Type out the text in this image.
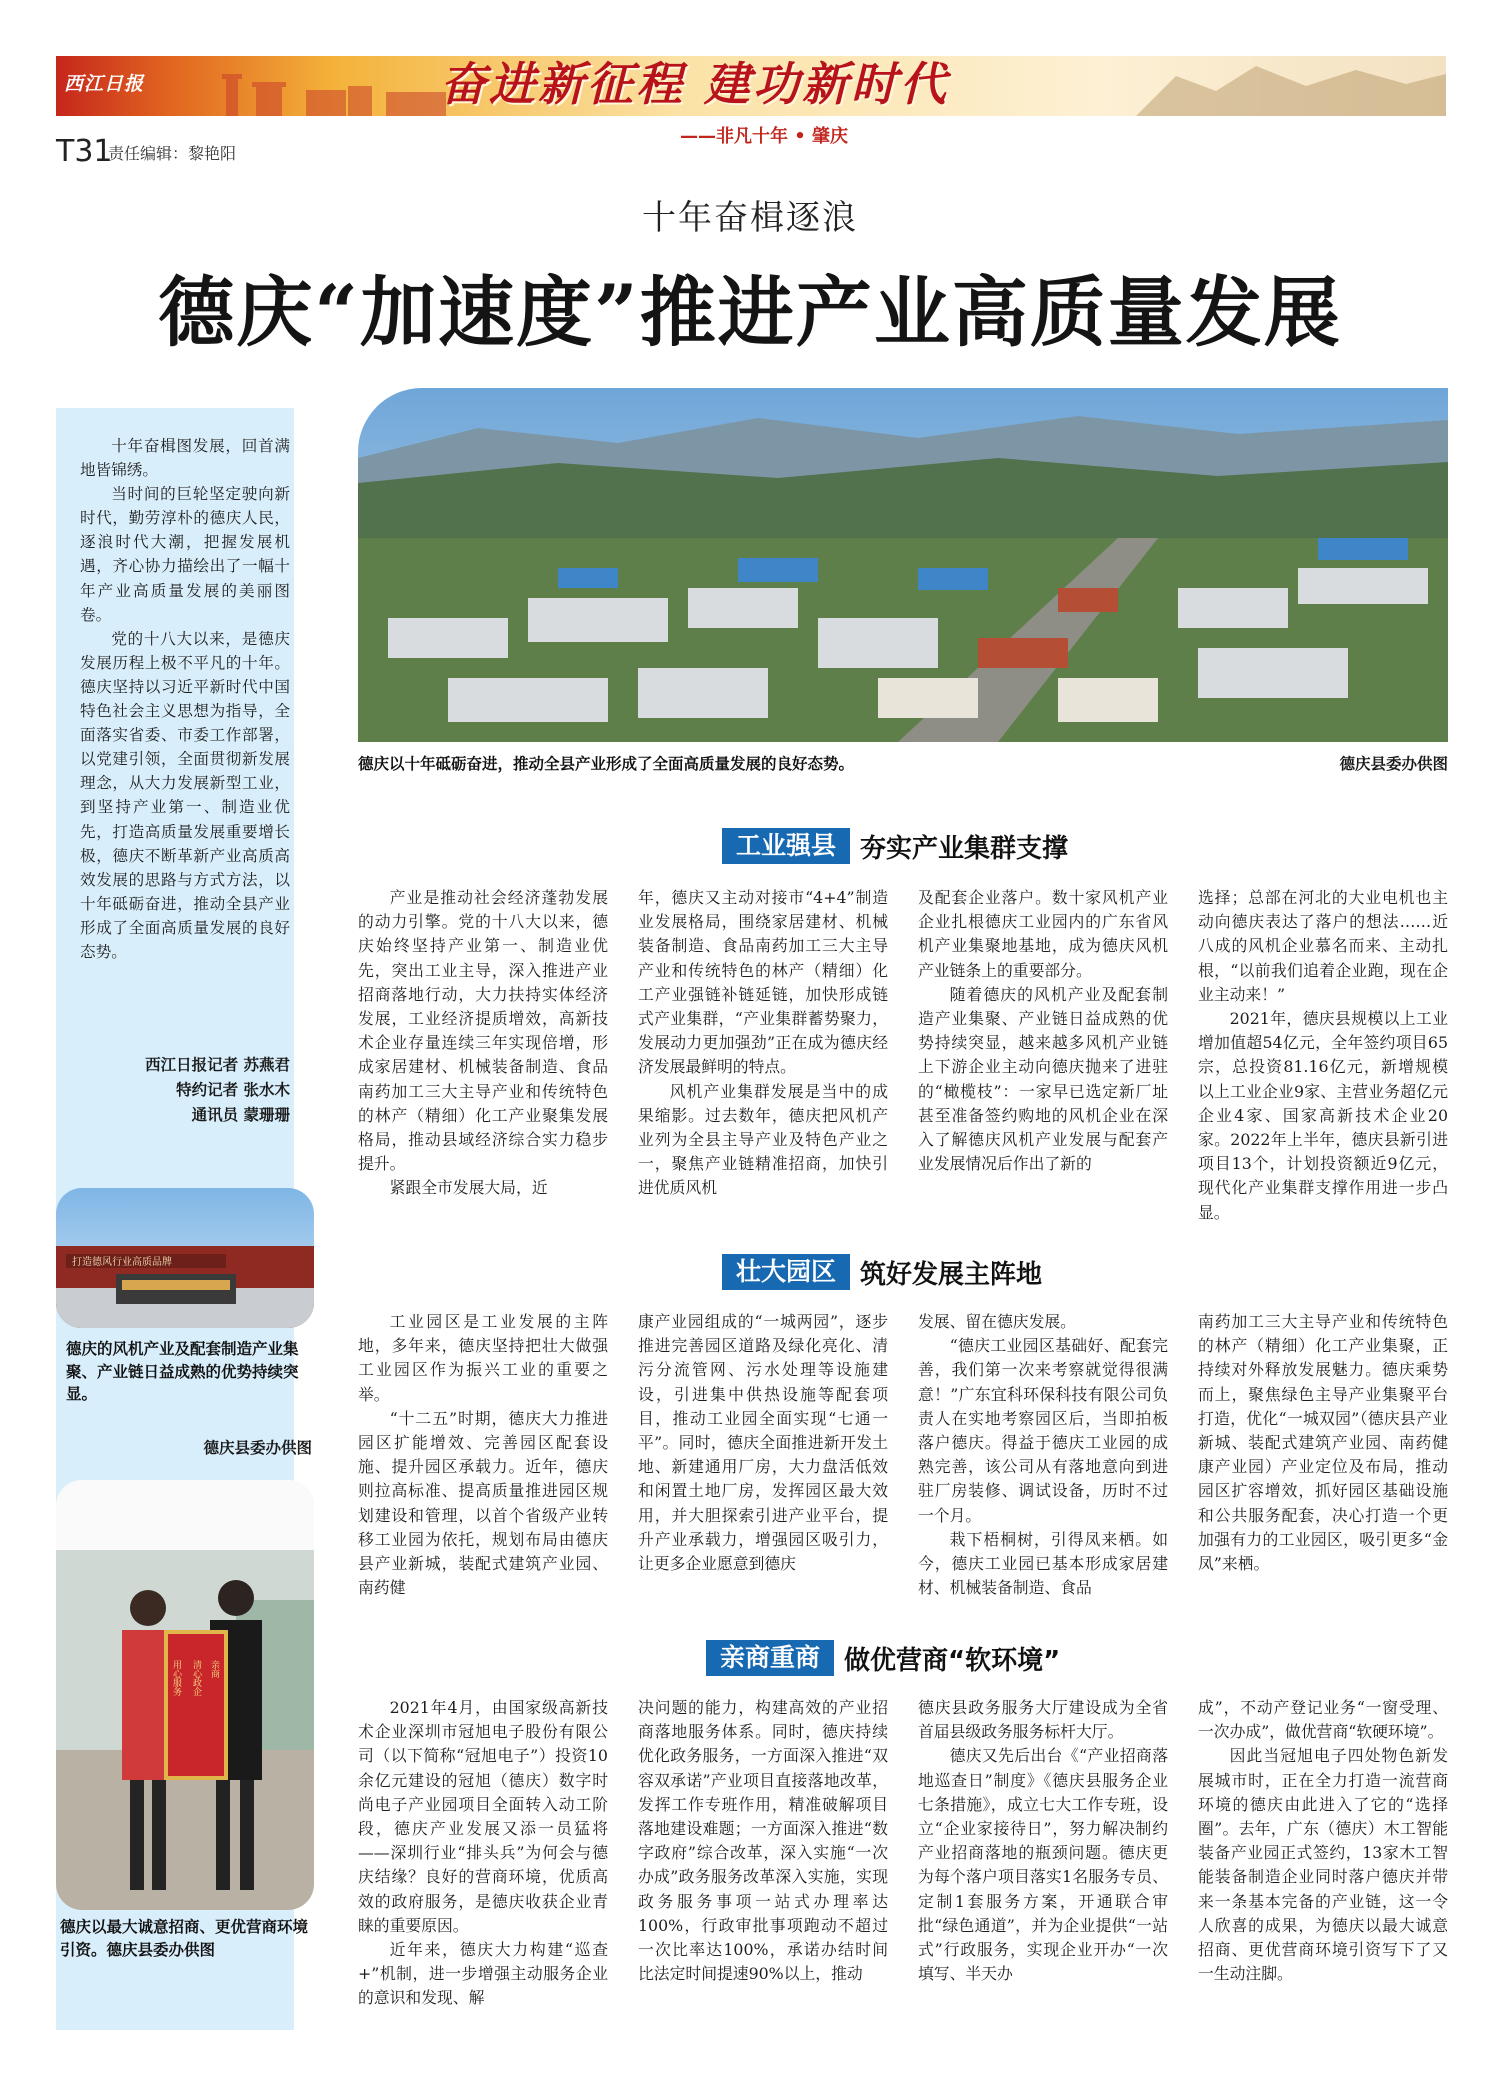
西江日报	奋进新征程 建功新时代
——非凡十年 • 肇庆
T31
责任编辑：黎艳阳
十年奋楫逐浪
德庆“加速度”推进产业高质量发展

十年奋楫图发展，回首满地皆锦绣。

当时间的巨轮坚定驶向新时代，勤劳淳朴的德庆人民，逐浪时代大潮，把握发展机遇，齐心协力描绘出了一幅十年产业高质量发展的美丽图卷。

党的十八大以来，是德庆发展历程上极不平凡的十年。德庆坚持以习近平新时代中国特色社会主义思想为指导，全面落实省委、市委工作部署，以党建引领，全面贯彻新发展理念，从大力发展新型工业，到坚持产业第一、制造业优先，打造高质量发展重要增长极，德庆不断革新产业高质高效发展的思路与方式方法，以十年砥砺奋进，推动全县产业形成了全面高质量发展的良好态势。

西江日报记者 苏燕君
特约记者 张水木
通讯员 蒙珊珊
打造德风行业高质品牌
德庆的风机产业及配套制造产业集聚、产业链日益成熟的优势持续突显。
德庆县委办供图
用心服务 清心政企 亲商
德庆以最大诚意招商、更优营商环境引资。德庆县委办供图
德庆以十年砥砺奋进，推动全县产业形成了全面高质量发展的良好态势。	德庆县委办供图
工业强县 夯实产业集群支撑

产业是推动社会经济蓬勃发展的动力引擎。党的十八大以来，德庆始终坚持产业第一、制造业优先，突出工业主导，深入推进产业招商落地行动，大力扶持实体经济发展，工业经济提质增效，高新技术企业存量连续三年实现倍增，形成家居建材、机械装备制造、食品南药加工三大主导产业和传统特色的林产（精细）化工产业聚集发展格局，推动县域经济综合实力稳步提升。

紧跟全市发展大局，近

年，德庆又主动对接市“4+4”制造业发展格局，围绕家居建材、机械装备制造、食品南药加工三大主导产业和传统特色的林产（精细）化工产业强链补链延链，加快形成链式产业集群，“产业集群蓄势聚力，发展动力更加强劲”正在成为德庆经济发展最鲜明的特点。

风机产业集群发展是当中的成果缩影。过去数年，德庆把风机产业列为全县主导产业及特色产业之一，聚焦产业链精准招商，加快引进优质风机

及配套企业落户。数十家风机产业企业扎根德庆工业园内的广东省风机产业集聚地基地，成为德庆风机产业链条上的重要部分。

随着德庆的风机产业及配套制造产业集聚、产业链日益成熟的优势持续突显，越来越多风机产业链上下游企业主动向德庆抛来了进驻的“橄榄枝”：一家早已选定新厂址甚至准备签约购地的风机企业在深入了解德庆风机产业发展与配套产业发展情况后作出了新的

选择；总部在河北的大业电机也主动向德庆表达了落户的想法……近八成的风机企业慕名而来、主动扎根，“以前我们追着企业跑，现在企业主动来！”

2021年，德庆县规模以上工业增加值超54亿元，全年签约项目65宗，总投资81.16亿元，新增规模以上工业企业9家、主营业务超亿元企业4家、国家高新技术企业20家。2022年上半年，德庆县新引进项目13个，计划投资额近9亿元，现代化产业集群支撑作用进一步凸显。

壮大园区 筑好发展主阵地

工业园区是工业发展的主阵地，多年来，德庆坚持把壮大做强工业园区作为振兴工业的重要之举。

“十二五”时期，德庆大力推进园区扩能增效、完善园区配套设施、提升园区承载力。近年，德庆则拉高标准、提高质量推进园区规划建设和管理，以首个省级产业转移工业园为依托，规划布局由德庆县产业新城，装配式建筑产业园、南药健

康产业园组成的“一城两园”，逐步推进完善园区道路及绿化亮化、清污分流管网、污水处理等设施建设，引进集中供热设施等配套项目，推动工业园全面实现“七通一平”。同时，德庆全面推进新开发土地、新建通用厂房，大力盘活低效和闲置土地厂房，发挥园区最大效用，并大胆探索引进产业平台，提升产业承载力，增强园区吸引力，让更多企业愿意到德庆

发展、留在德庆发展。

“德庆工业园区基础好、配套完善，我们第一次来考察就觉得很满意！”广东宜科环保科技有限公司负责人在实地考察园区后，当即拍板落户德庆。得益于德庆工业园的成熟完善，该公司从有落地意向到进驻厂房装修、调试设备，历时不过一个月。

栽下梧桐树，引得凤来栖。如今，德庆工业园已基本形成家居建材、机械装备制造、食品

南药加工三大主导产业和传统特色的林产（精细）化工产业集聚，正持续对外释放发展魅力。德庆乘势而上，聚焦绿色主导产业集聚平台打造，优化“一城双园”（德庆县产业新城、装配式建筑产业园、南药健康产业园）产业定位及布局，推动园区扩容增效，抓好园区基础设施和公共服务配套，决心打造一个更加强有力的工业园区，吸引更多“金凤”来栖。

亲商重商 做优营商“软环境”

2021年4月，由国家级高新技术企业深圳市冠旭电子股份有限公司（以下简称“冠旭电子”）投资10余亿元建设的冠旭（德庆）数字时尚电子产业园项目全面转入动工阶段，德庆产业发展又添一员猛将——深圳行业“排头兵”为何会与德庆结缘？良好的营商环境，优质高效的政府服务，是德庆收获企业青睐的重要原因。

近年来，德庆大力构建“巡查+”机制，进一步增强主动服务企业的意识和发现、解

决问题的能力，构建高效的产业招商落地服务体系。同时，德庆持续优化政务服务，一方面深入推进“双容双承诺”产业项目直接落地改革，发挥工作专班作用，精准破解项目落地建设难题；一方面深入推进“数字政府”综合改革，深入实施“一次办成”政务服务改革深入实施，实现政务服务事项一站式办理率达100%，行政审批事项跑动不超过一次比率达100%，承诺办结时间比法定时间提速90%以上，推动

德庆县政务服务大厅建设成为全省首届县级政务服务标杆大厅。

德庆又先后出台《“产业招商落地巡查日”制度》《德庆县服务企业七条措施》，成立七大工作专班，设立“企业家接待日”，努力解决制约产业招商落地的瓶颈问题。德庆更为每个落户项目落实1名服务专员、定制1套服务方案，开通联合审批“绿色通道”，并为企业提供“一站式”行政服务，实现企业开办“一次填写、半天办

成”，不动产登记业务“一窗受理、一次办成”，做优营商“软硬环境”。

因此当冠旭电子四处物色新发展城市时，正在全力打造一流营商环境的德庆由此进入了它的“选择圈”。去年，广东（德庆）木工智能装备产业园正式签约，13家木工智能装备制造企业同时落户德庆并带来一条基本完备的产业链，这一令人欣喜的成果，为德庆以最大诚意招商、更优营商环境引资写下了又一生动注脚。
